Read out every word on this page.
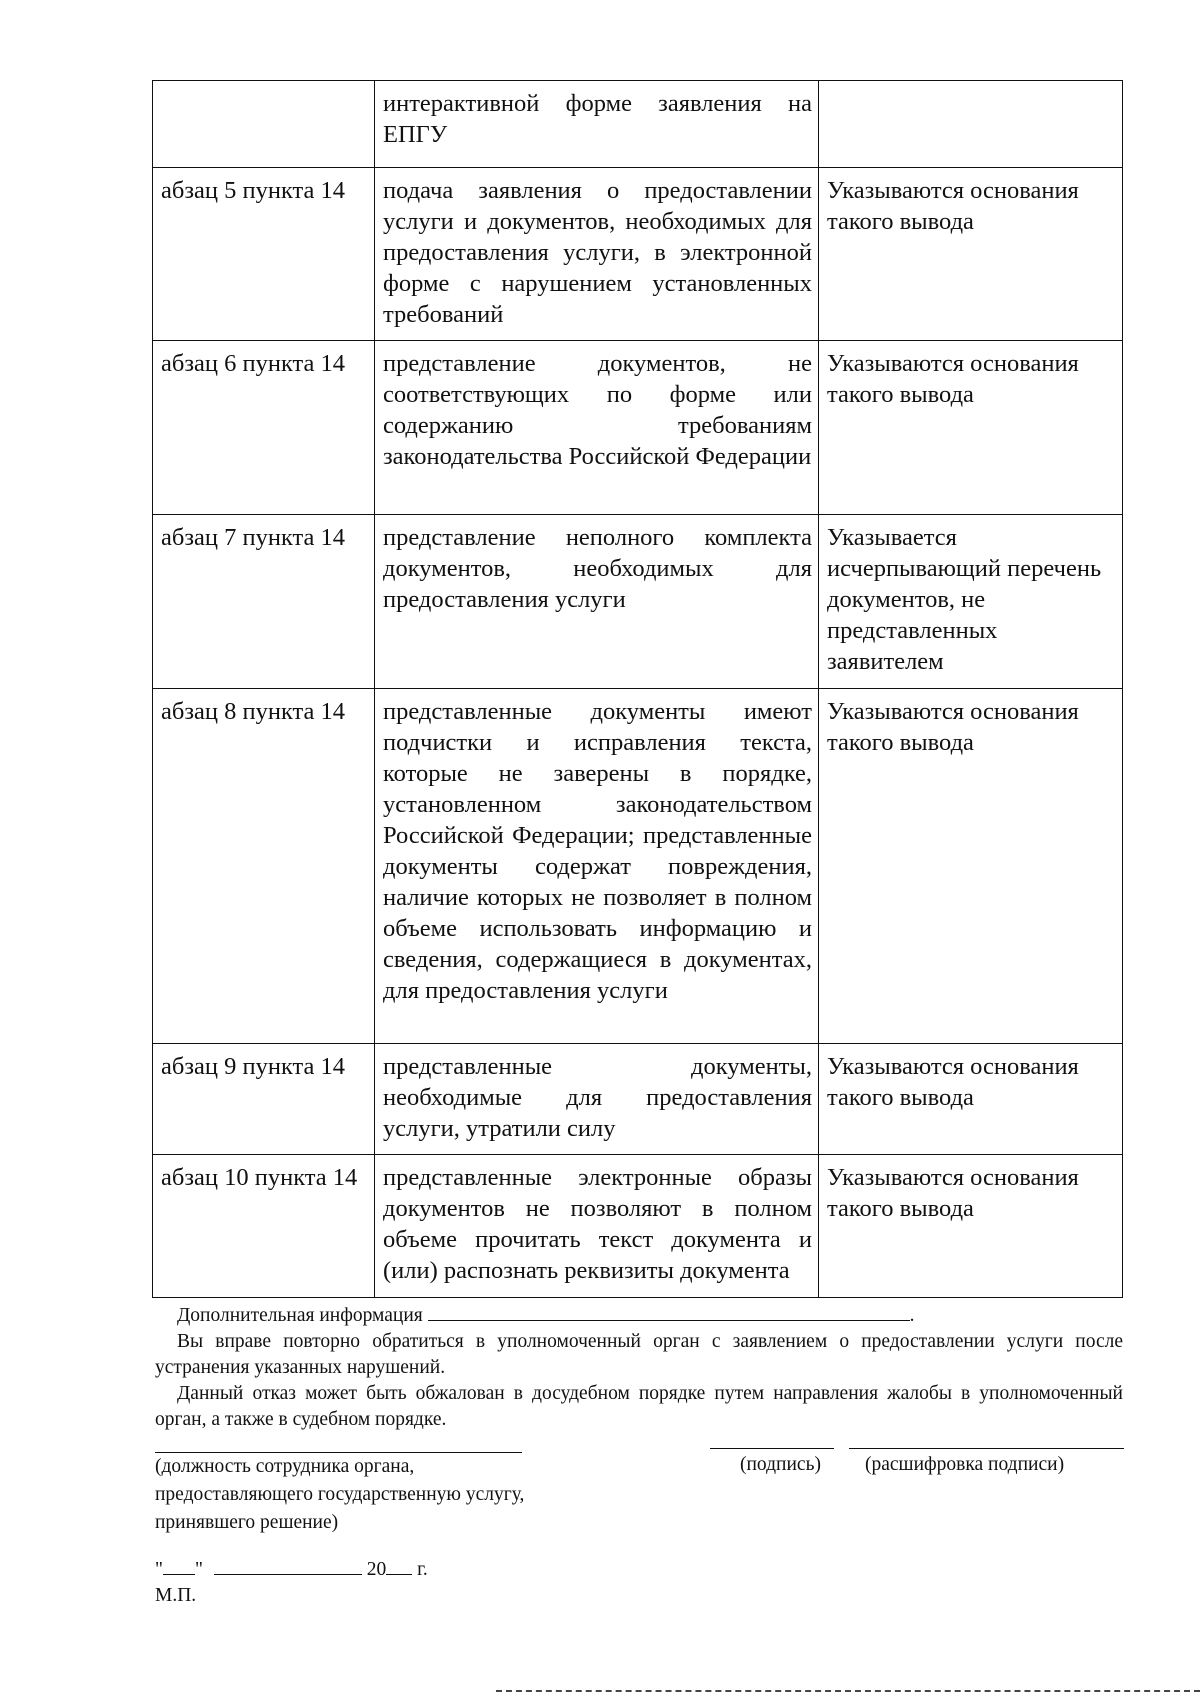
	интерактивной форме заявления на ЕПГУ	
абзац 5 пункта 14	подача заявления о предоставлении услуги и документов, необходимых для предоставления услуги, в электронной форме с нарушением установленных требований	Указываются основания такого вывода
абзац 6 пункта 14	представление документов, не соответствующих по форме или содержанию требованиям законодательства Российской Федерации	Указываются основания такого вывода
абзац 7 пункта 14	представление неполного комплекта документов, необходимых для предоставления услуги	Указывается исчерпывающий перечень документов, не представленных заявителем
абзац 8 пункта 14	представленные документы имеют подчистки и исправления текста, которые не заверены в порядке, установленном законодательством Российской Федерации; представленные документы содержат повреждения, наличие которых не позволяет в полном объеме использовать информацию и сведения, содержащиеся в документах, для предоставления услуги	Указываются основания такого вывода
абзац 9 пункта 14	представленные документы, необходимые для предоставления услуги, утратили силу	Указываются основания такого вывода
абзац 10 пункта 14	представленные электронные образы документов не позволяют в полном объеме прочитать текст документа и (или) распознать реквизиты документа	Указываются основания такого вывода
Дополнительная информация	.
Вы вправе повторно обратиться в уполномоченный орган с заявлением о предоставлении услуги после устранения указанных нарушений.
Данный отказ может быть обжалован в досудебном порядке путем направления жалобы в уполномоченный орган, а также в судебном порядке.
(должность сотрудника органа,
предоставляющего государственную услугу,
принявшего решение)
(подпись) (расшифровка подписи)
" "	20 г.
М.П.
